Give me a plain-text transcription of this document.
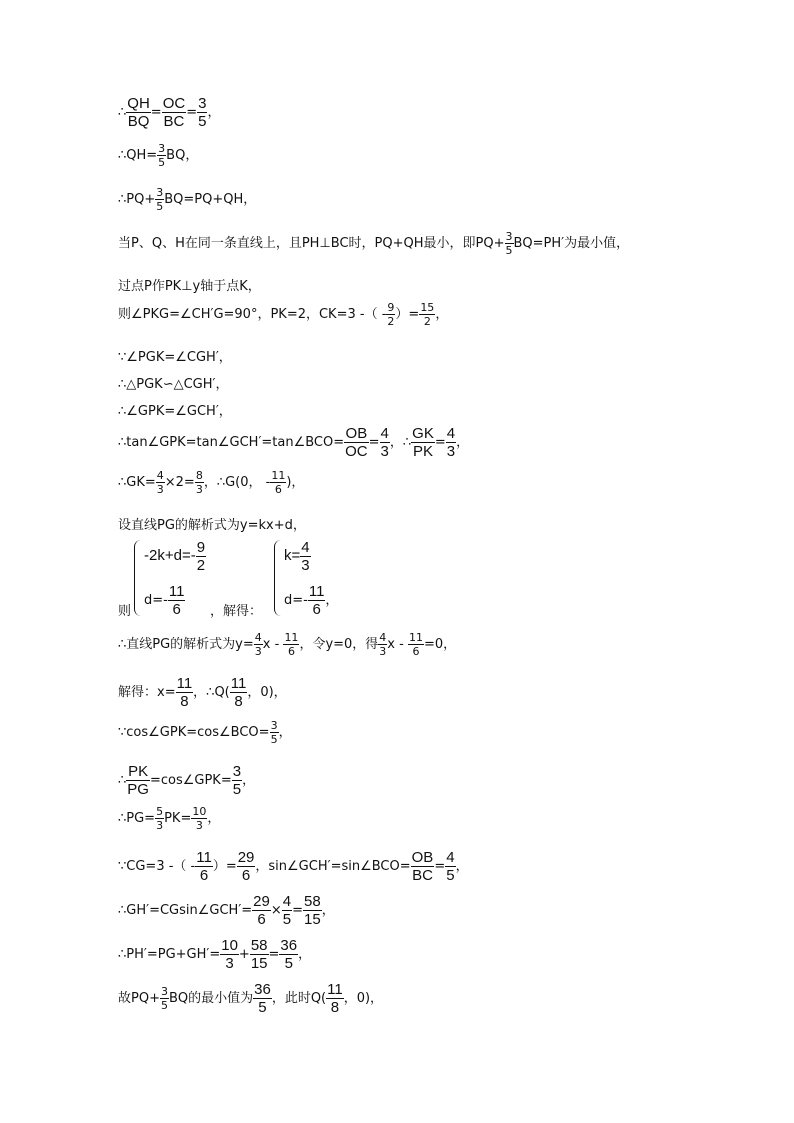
∴ $\frac{QH}{BQ} = \frac{OC}{BC} = \frac{3}{5}$ ，
∴QH= $\frac{3}{5}$ BQ，
∴PQ+ $\frac{3}{5} BQ=PQ+QH$，
当P、Q、H在同一条直线上，且PH⊥BC时，PQ+QH最小，即$PQ+ \frac{3}{5} BQ=PH'$为最小值，
过点P作PK⊥y轴于点K，
则∠PKG=∠CH′G=90°，PK=2，CK=3 -（ - $\frac{9}{2}$ ）= $\frac{15}{2}$ ，
∵∠PGK=∠CGH′，
∴△PGK∽△CGH′，
∴∠GPK=∠GCH′，
∴tan∠GPK=tan∠GCH′=tan∠BCO= $\frac{OB}{OC} = \frac{4}{3}$ ，∴ $\frac{GK}{PK} = \frac{4}{3}$ ，
∴GK= $\frac{4}{3} \times 2= \frac{8}{3}$ ，∴G(0， - $\frac{11}{6}$ )，
设直线PG的解析式为y=kx+d，
则
$-2k+d=- \frac{9}{2}$
$d=- \frac{11}{6}$ ，解得：
$k= \frac{4}{3}$
$d=- \frac{11}{6}$ ，
∴直线PG的解析式为$y= \frac{4}{3}$ x - $\frac{11}{6}$ ，令y=0，得 $\frac{4}{3}$ $x - \frac{11}{6} =0$，
解得：$x= \frac{11}{8}$ ，∴Q( $\frac{11}{8}$ ，0)，
∵cos∠GPK=cos∠BCO= $\frac{3}{5}$ ，
∴ $\frac{PK}{PG}$ =cos∠GPK= $\frac{3}{5}$ ，
∴PG= $\frac{5}{3} PK= \frac{10}{3}$ ，
∵CG=3 -（ - $\frac{11}{6}$ ）= $\frac{29}{6}$ ，sin∠GCH′=sin∠BCO= $\frac{OB}{BC} = \frac{4}{5}$ ，
∴GH′=CGsin∠GCH′= $\frac{29}{6} \times \frac{4}{5} = \frac{58}{15}$ ，
∴PH′=PG+GH′= $\frac{10}{3} + \frac{58}{15} = \frac{36}{5}$ ，
故$PQ+ \frac{3}{5}$ BQ的最小值为 $\frac{36}{5}$ ，此时$Q( \frac{11}{8}$ ，0)，
